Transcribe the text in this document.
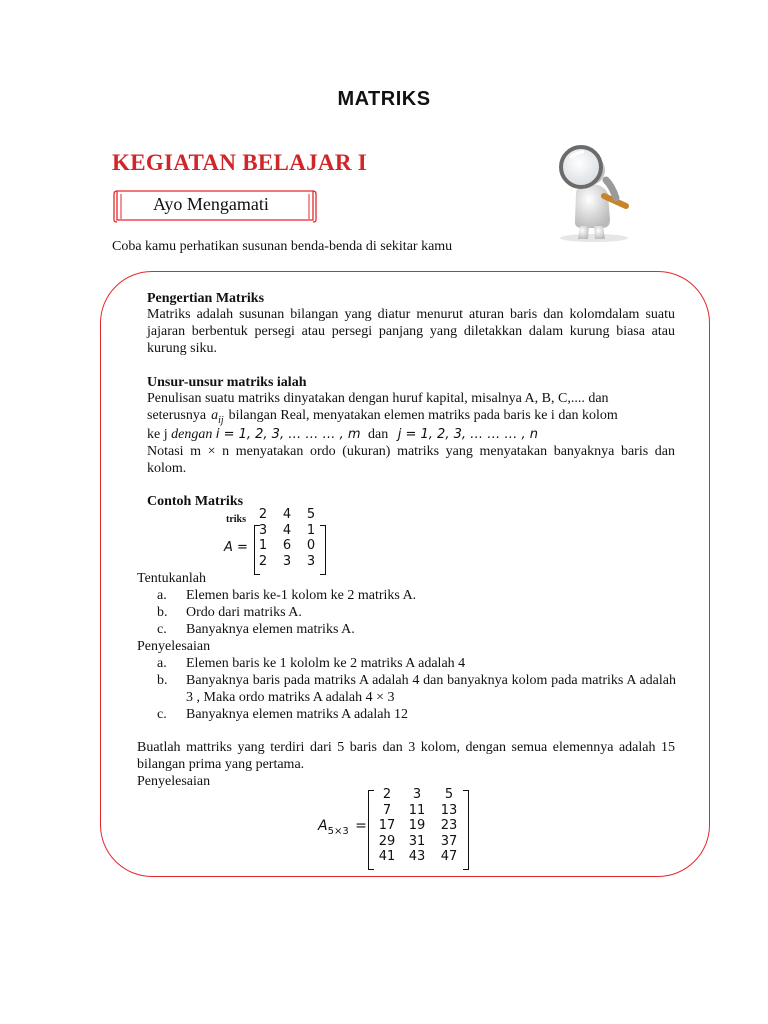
MATRIKS
KEGIATAN BELAJAR I
Ayo Mengamati
Coba kamu perhatikan susunan benda-benda di sekitar kamu
Pengertian Matriks
Matriks adalah susunan bilangan yang diatur menurut aturan baris dan kolomdalam suatu jajaran berbentuk persegi atau persegi panjang yang diletakkan dalam kurung biasa atau kurung siku.
Unsur-unsur matriks ialah
Penulisan suatu matriks dinyatakan dengan huruf kapital, misalnya A, B, C,.... dan
seterusnya $a_{ij}$ bilangan Real, menyatakan elemen matriks pada baris ke i dan kolom
ke j dengan i = 1, 2, 3, … … … , m dan j = 1, 2, 3, … … … , n
Notasi m × n menyatakan ordo (ukuran) matriks yang menyatakan banyaknya baris dan kolom.
Contoh Matriks
triks
A =
2	4	5
3	4	1
1	6	0
2	3	3
Tentukanlah
a. Elemen baris ke-1 kolom ke 2 matriks A.
b. Ordo dari matriks A.
c. Banyaknya elemen matriks A.
Penyelesaian
a. Elemen baris ke 1 kololm ke 2 matriks A adalah 4
b. Banyaknya baris pada matriks A adalah 4 dan banyaknya kolom pada matriks A adalah 3 , Maka ordo matriks A adalah 4 × 3
c. Banyaknya elemen matriks A adalah 12
Buatlah mattriks yang terdiri dari 5 baris dan 3 kolom, dengan semua elemennya adalah 15 bilangan prima yang pertama.
Penyelesaian
$A_{5\times 3}$ =
2	3	5
7	11	13
17	19	23
29	31	37
41	43	47
